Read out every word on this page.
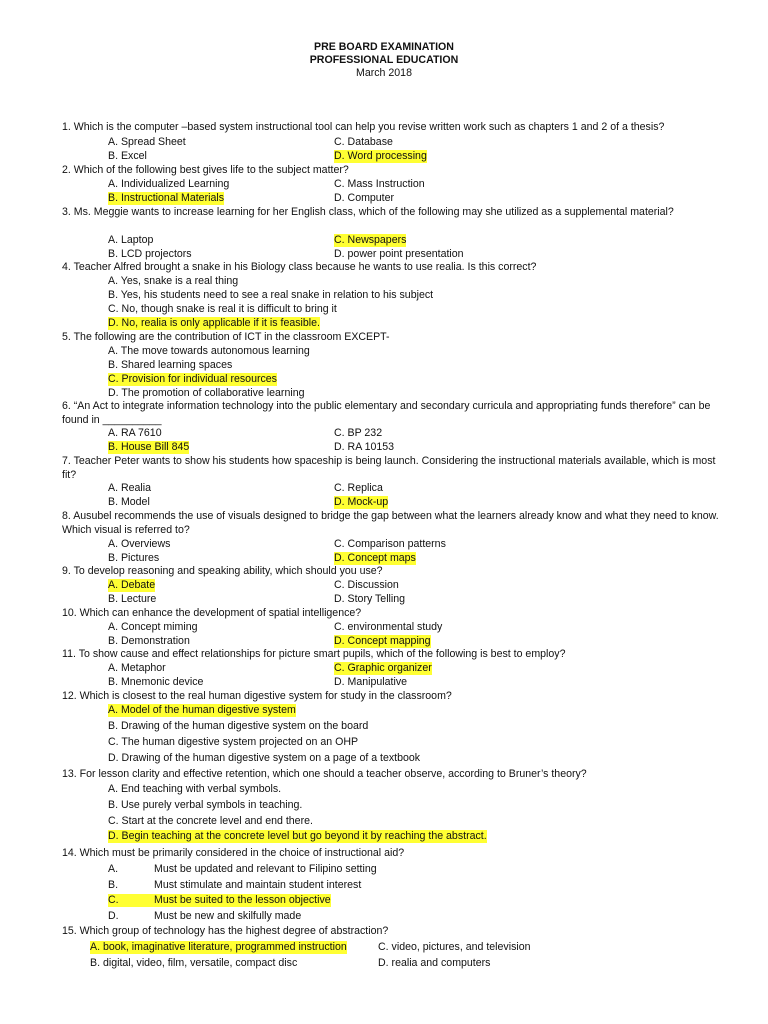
PRE BOARD EXAMINATION
PROFESSIONAL EDUCATION
March 2018
1. Which is the computer –based system instructional tool can help you revise written work such as chapters 1 and 2 of a thesis?
A. Spread Sheet
B. Excel
C. Database
D. Word processing
2. Which of the following best gives life to the subject matter?
A. Individualized Learning
B. Instructional Materials
C. Mass Instruction
D. Computer
3. Ms. Meggie wants to increase learning for her English class, which of the following may she utilized as a supplemental material?
A. Laptop
B. LCD projectors
C. Newspapers
D. power point presentation
4. Teacher Alfred brought a snake in his Biology class because he wants to use realia. Is this correct?
A. Yes, snake is a real thing
B. Yes, his students need to see a real snake in relation to his subject
C. No, though snake is real it is difficult to bring it
D. No, realia is only applicable if it is feasible.
5. The following are the contribution of ICT in the classroom EXCEPT-
A. The move towards autonomous learning
B. Shared learning spaces
C. Provision for individual resources
D. The promotion of collaborative learning
6. “An Act to integrate information technology into the public elementary and secondary curricula and appropriating funds therefore” can be found in __________
A. RA 7610
B. House Bill 845
C. BP 232
D. RA 10153
7. Teacher Peter wants to show his students how spaceship is being launch. Considering the instructional materials available, which is most fit?
A. Realia
B. Model
C. Replica
D. Mock-up
8. Ausubel recommends the use of visuals designed to bridge the gap between what the learners already know and what they need to know. Which visual is referred to?
A. Overviews
B. Pictures
C. Comparison patterns
D. Concept maps
9. To develop reasoning and speaking ability, which should you use?
A. Debate
B. Lecture
C. Discussion
D. Story Telling
10. Which can enhance the development of spatial intelligence?
A. Concept miming
B. Demonstration
C. environmental study
D. Concept mapping
11. To show cause and effect relationships for picture smart pupils, which of the following is best to employ?
A. Metaphor
B. Mnemonic device
C. Graphic organizer
D. Manipulative
12. Which is closest to the real human digestive system for study in the classroom?
A. Model of the human digestive system
B. Drawing of the human digestive system on the board
C. The human digestive system projected on an OHP
D. Drawing of the human digestive system on a page of a textbook
13. For lesson clarity and effective retention, which one should a teacher observe, according to Bruner’s theory?
A. End teaching with verbal symbols.
B. Use purely verbal symbols in teaching.
C. Start at the concrete level and end there.
D. Begin teaching at the concrete level but go beyond it by reaching the abstract.
14. Which must be primarily considered in the choice of instructional aid?
A.	Must be updated and relevant to Filipino setting
B.	Must stimulate and maintain student interest
C.	Must be suited to the lesson objective
D.	Must be new and skilfully made
15. Which group of technology has the highest degree of abstraction?
A. book, imaginative literature, programmed instruction
B. digital, video, film, versatile, compact disc
C. video, pictures, and television
D. realia and computers
